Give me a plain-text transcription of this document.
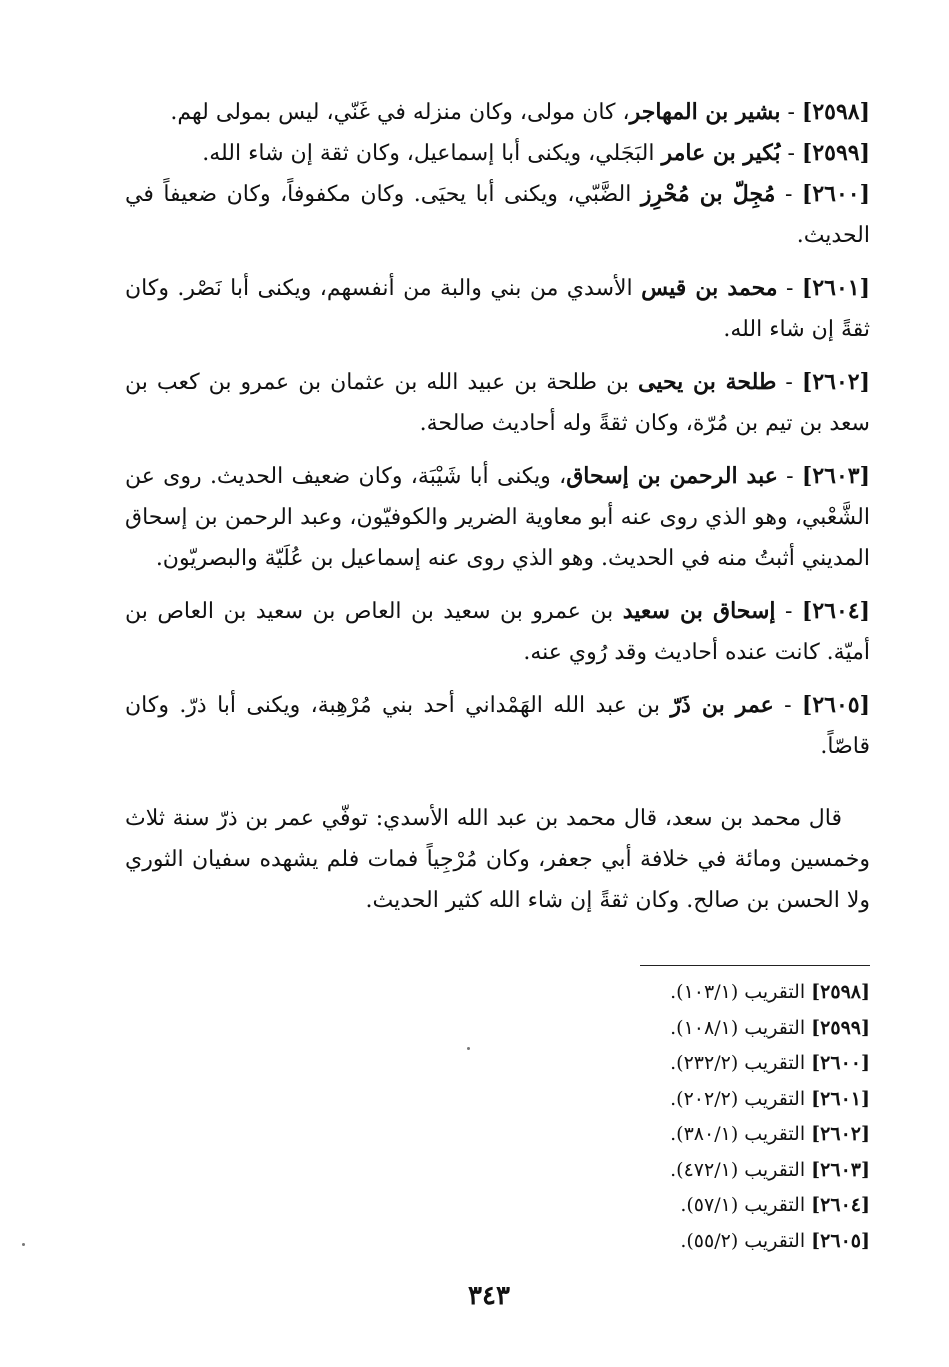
[٢٥٩٨] - بشير بن المهاجر، كان مولى، وكان منزله في غَنّي، ليس بمولى لهم.

[٢٥٩٩] - بُكير بن عامر البَجَلي، ويكنى أبا إسماعيل، وكان ثقة إن شاء الله.

[٢٦٠٠] - مُجِلّ بن مُحْرِز الضَّبّي، ويكنى أبا يحيَى. وكان مكفوفاً، وكان ضعيفاً في الحديث.

[٢٦٠١] - محمد بن قيس الأسدي من بني والبة من أنفسهم، ويكنى أبا نَصْر. وكان ثقةً إن شاء الله.

[٢٦٠٢] - طلحة بن يحيى بن طلحة بن عبيد الله بن عثمان بن عمرو بن كعب بن سعد بن تيم بن مُرّة، وكان ثقةً وله أحاديث صالحة.

[٢٦٠٣] - عبد الرحمن بن إسحاق، ويكنى أبا شَيْبَة، وكان ضعيف الحديث. روى عن الشَّعْبي، وهو الذي روى عنه أبو معاوية الضرير والكوفيّون، وعبد الرحمن بن إسحاق المديني أثبتُ منه في الحديث. وهو الذي روى عنه إسماعيل بن عُلَيّة والبصريّون.

[٢٦٠٤] - إسحاق بن سعيد بن عمرو بن سعيد بن العاص بن سعيد بن العاص بن أميّة. كانت عنده أحاديث وقد رُوي عنه.

[٢٦٠٥] - عمر بن ذَرّ بن عبد الله الهَمْداني أحد بني مُرْهِبة، ويكنى أبا ذرّ. وكان قاصّاً.

قال محمد بن سعد، قال محمد بن عبد الله الأسدي: توفّي عمر بن ذرّ سنة ثلاث وخمسين ومائة في خلافة أبي جعفر، وكان مُرْجِياً فمات فلم يشهده سفيان الثوري ولا الحسن بن صالح. وكان ثقةً إن شاء الله كثير الحديث.

[٢٥٩٨] التقريب (١٠٣/١).
[٢٥٩٩] التقريب (١٠٨/١).
[٢٦٠٠] التقريب (٢٣٢/٢).
[٢٦٠١] التقريب (٢٠٢/٢).
[٢٦٠٢] التقريب (٣٨٠/١).
[٢٦٠٣] التقريب (٤٧٢/١).
[٢٦٠٤] التقريب (٥٧/١).
[٢٦٠٥] التقريب (٥٥/٢).
٣٤٣
